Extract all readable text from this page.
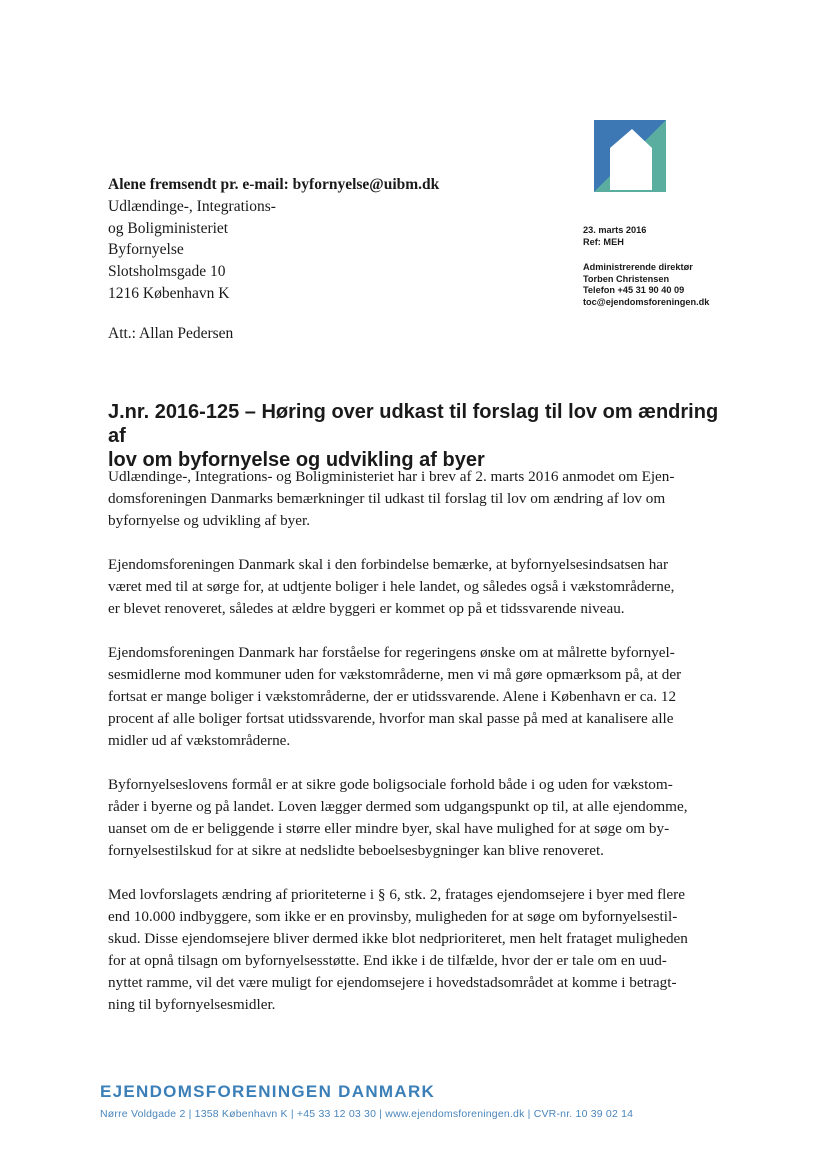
Alene fremsendt pr. e-mail: byfornyelse@uibm.dk
Udlændinge-, Integrations-
og Boligministeriet
Byfornyelse
Slotsholmsgade 10
1216 København K
Att.: Allan Pedersen
23. marts 2016
Ref: MEH
Administrerende direktør
Torben Christensen
Telefon +45 31 90 40 09
toc@ejendomsforeningen.dk
J.nr. 2016-125 – Høring over udkast til forslag til lov om ændring af
lov om byfornyelse og udvikling af byer
Udlændinge-, Integrations- og Boligministeriet har i brev af 2. marts 2016 anmodet om Ejen-
domsforeningen Danmarks bemærkninger til udkast til forslag til lov om ændring af lov om
byfornyelse og udvikling af byer.
Ejendomsforeningen Danmark skal i den forbindelse bemærke, at byfornyelsesindsatsen har
været med til at sørge for, at udtjente boliger i hele landet, og således også i vækstområderne,
er blevet renoveret, således at ældre byggeri er kommet op på et tidssvarende niveau.
Ejendomsforeningen Danmark har forståelse for regeringens ønske om at målrette byfornyel-
sesmidlerne mod kommuner uden for vækstområderne, men vi må gøre opmærksom på, at der
fortsat er mange boliger i vækstområderne, der er utidssvarende. Alene i København er ca. 12
procent af alle boliger fortsat utidssvarende, hvorfor man skal passe på med at kanalisere alle
midler ud af vækstområderne.
Byfornyelseslovens formål er at sikre gode boligsociale forhold både i og uden for vækstom-
råder i byerne og på landet. Loven lægger dermed som udgangspunkt op til, at alle ejendomme,
uanset om de er beliggende i større eller mindre byer, skal have mulighed for at søge om by-
fornyelsestilskud for at sikre at nedslidte beboelsesbygninger kan blive renoveret.
Med lovforslagets ændring af prioriteterne i § 6, stk. 2, fratages ejendomsejere i byer med flere
end 10.000 indbyggere, som ikke er en provinsby, muligheden for at søge om byfornyelsestil-
skud. Disse ejendomsejere bliver dermed ikke blot nedprioriteret, men helt frataget muligheden
for at opnå tilsagn om byfornyelsesstøtte. End ikke i de tilfælde, hvor der er tale om en uud-
nyttet ramme, vil det være muligt for ejendomsejere i hovedstadsområdet at komme i betragt-
ning til byfornyelsesmidler.
EJENDOMSFORENINGEN DANMARK
Nørre Voldgade 2 | 1358 København K | +45 33 12 03 30 | www.ejendomsforeningen.dk | CVR-nr. 10 39 02 14
